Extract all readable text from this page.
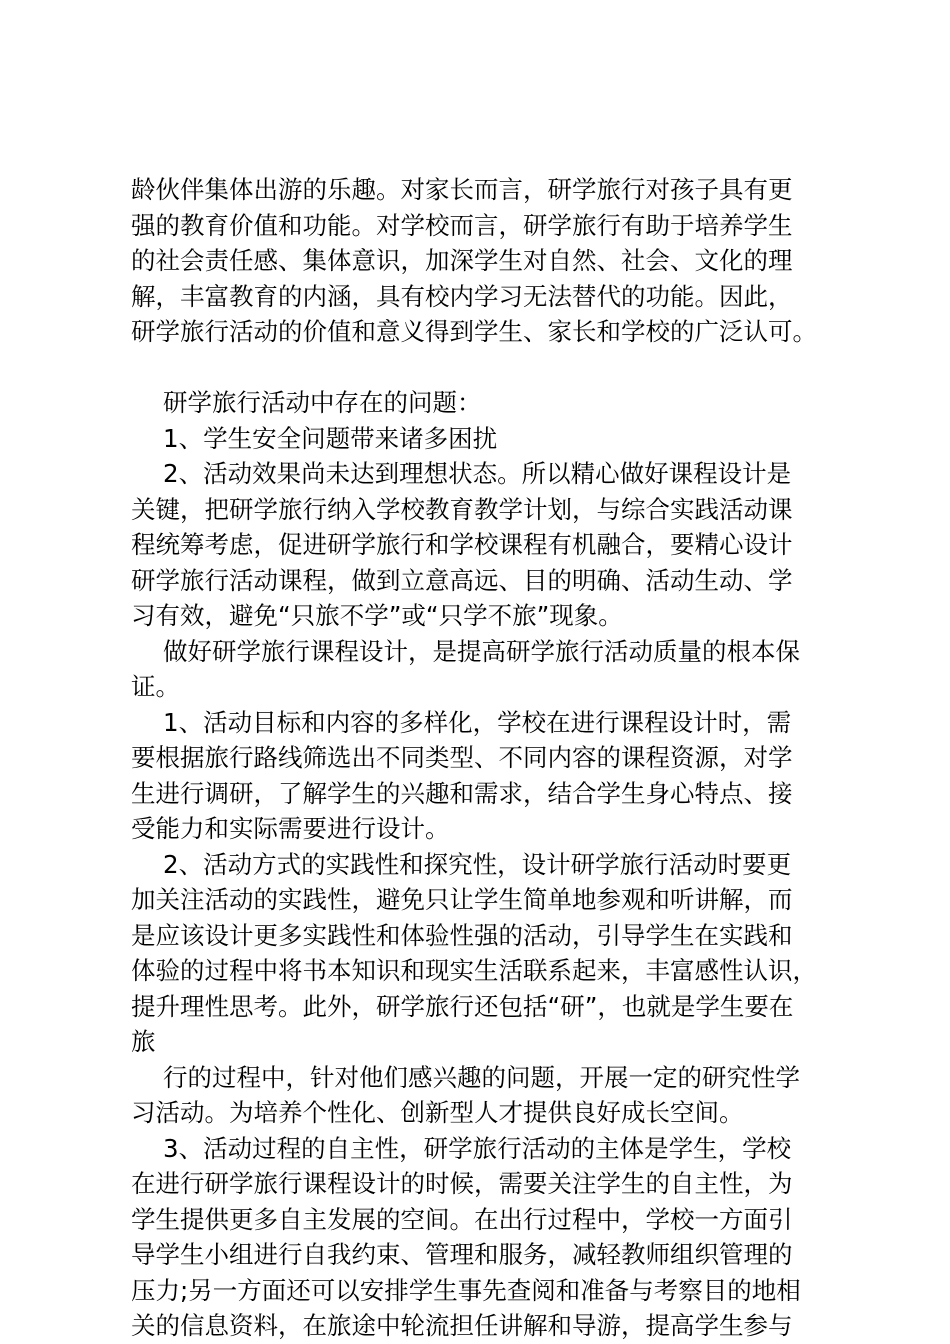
龄伙伴集体出游的乐趣。对家长而言，研学旅行对孩子具有更
强的教育价值和功能。对学校而言，研学旅行有助于培养学生
的社会责任感、集体意识，加深学生对自然、社会、文化的理
解，丰富教育的内涵，具有校内学习无法替代的功能。因此，
研学旅行活动的价值和意义得到学生、家长和学校的广泛认可。
研学旅行活动中存在的问题：
1、学生安全问题带来诸多困扰
2、活动效果尚未达到理想状态。所以精心做好课程设计是
关键，把研学旅行纳入学校教育教学计划，与综合实践活动课
程统筹考虑，促进研学旅行和学校课程有机融合，要精心设计
研学旅行活动课程，做到立意高远、目的明确、活动生动、学
习有效，避免“只旅不学”或“只学不旅”现象。
做好研学旅行课程设计，是提高研学旅行活动质量的根本保
证。
1、活动目标和内容的多样化，学校在进行课程设计时，需
要根据旅行路线筛选出不同类型、不同内容的课程资源，对学
生进行调研，了解学生的兴趣和需求，结合学生身心特点、接
受能力和实际需要进行设计。
2、活动方式的实践性和探究性，设计研学旅行活动时要更
加关注活动的实践性，避免只让学生简单地参观和听讲解，而
是应该设计更多实践性和体验性强的活动，引导学生在实践和
体验的过程中将书本知识和现实生活联系起来，丰富感性认识，
提升理性思考。此外，研学旅行还包括“研”，也就是学生要在
旅
行的过程中，针对他们感兴趣的问题，开展一定的研究性学
习活动。为培养个性化、创新型人才提供良好成长空间。
3、活动过程的自主性，研学旅行活动的主体是学生，学校
在进行研学旅行课程设计的时候，需要关注学生的自主性，为
学生提供更多自主发展的空间。在出行过程中，学校一方面引
导学生小组进行自我约束、管理和服务，减轻教师组织管理的
压力;另一方面还可以安排学生事先查阅和准备与考察目的地相
关的信息资料，在旅途中轮流担任讲解和导游，提高学生参与
